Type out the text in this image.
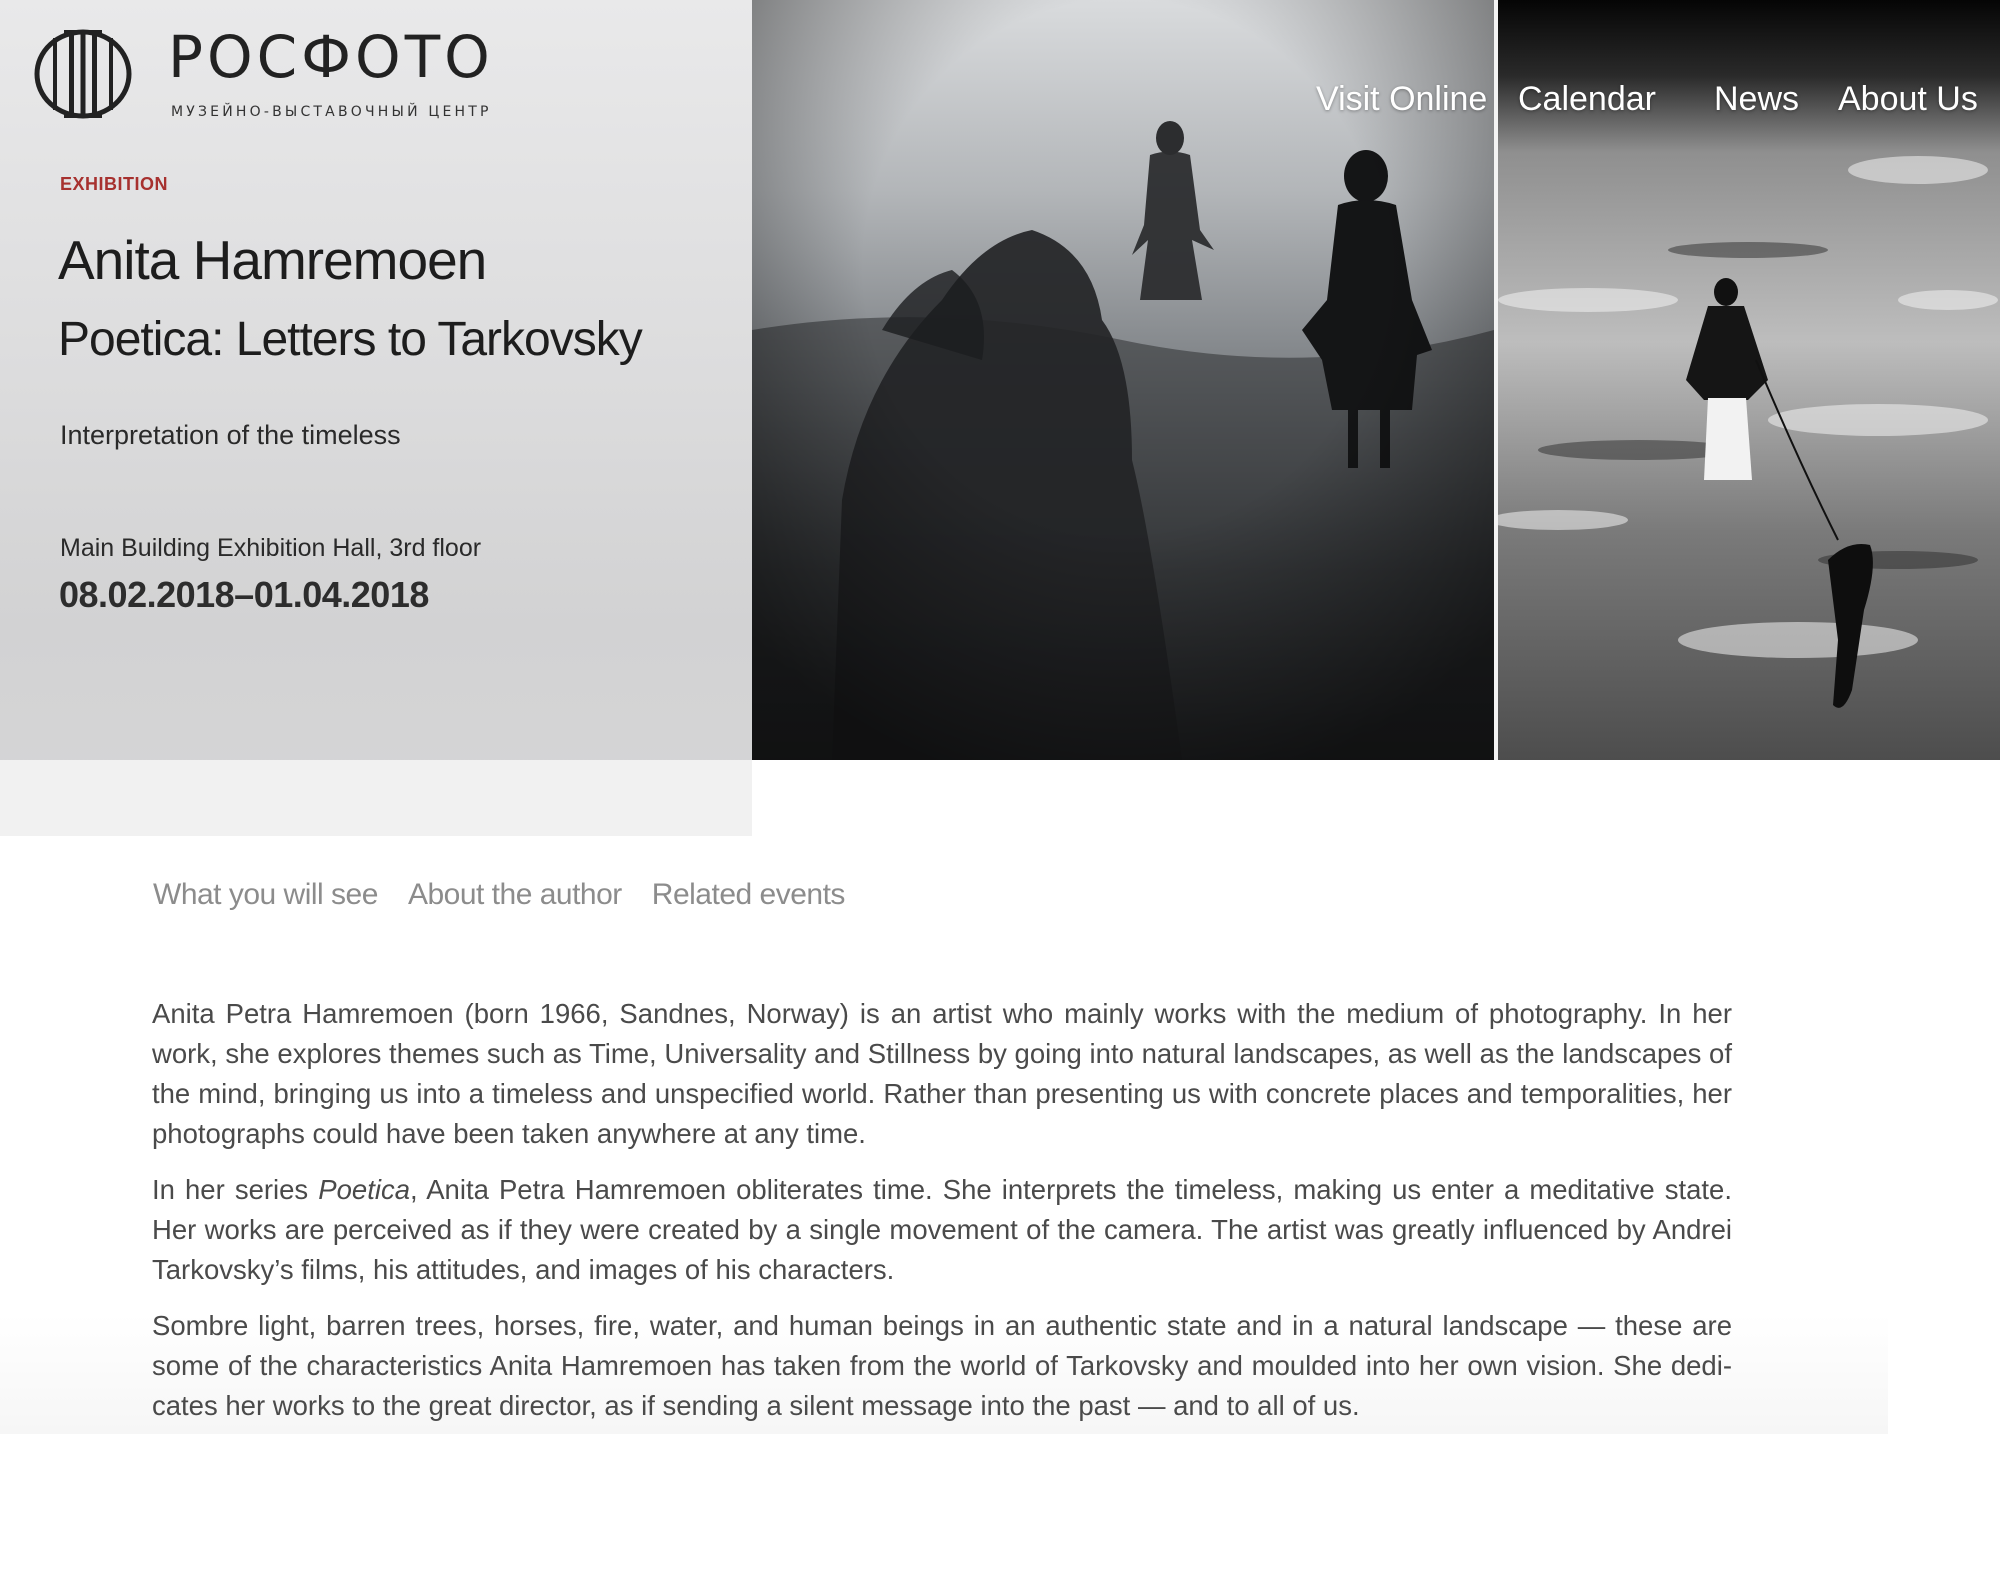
РОСФОТО
МУЗЕЙНО-ВЫСТАВОЧНЫЙ ЦЕНТР
EXHIBITION
Anita Hamremoen
Poetica: Letters to Tarkovsky
Interpretation of the timeless
Main Building Exhibition Hall, 3rd floor
08.02.2018–01.04.2018
Visit Online Calendar News About Us
What you will see About the author Related events

Anita Petra Hamremoen (born 1966, Sandnes, Norway) is an artist who mainly works with the medium of photography. In her work, she explores themes such as Time, Universality and Stillness by going into natural landscapes, as well as the landscapes of the mind, bringing us into a timeless and unspecified world. Rather than presenting us with concrete places and temporalities, her photographs could have been taken anywhere at any time.

In her series Poetica, Anita Petra Hamremoen obliterates time. She interprets the timeless, making us enter a meditative state. Her works are perceived as if they were created by a single movement of the camera. The artist was greatly influenced by Andrei Tarkovsky’s films, his attitudes, and images of his characters.

Sombre light, barren trees, horses, fire, water, and human beings in an authentic state and in a natural landscape — these are some of the characteristics Anita Hamremoen has taken from the world of Tarkovsky and moulded into her own vision. She dedicates her works to the great director, as if sending a silent message into the past — and to all of us.
